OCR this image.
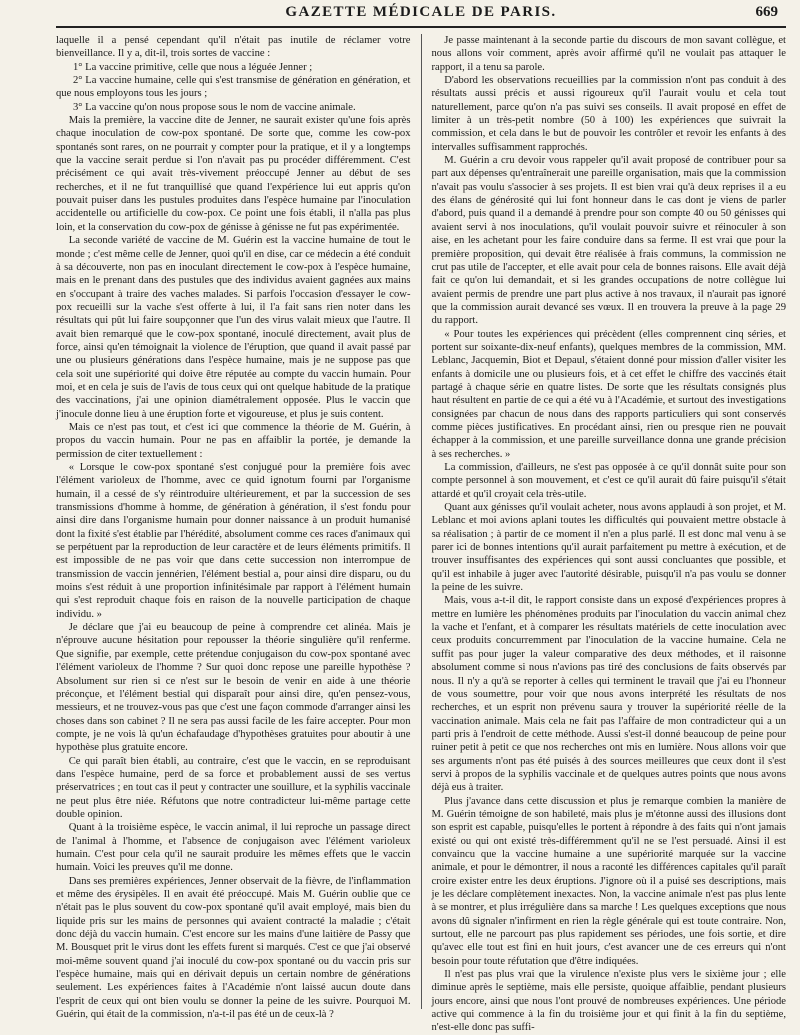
GAZETTE MÉDICALE DE PARIS.	669

laquelle il a pensé cependant qu'il n'était pas inutile de réclamer votre bienveillance. Il y a, dit-il, trois sortes de vaccine :

1° La vaccine primitive, celle que nous a léguée Jenner ;

2° La vaccine humaine, celle qui s'est transmise de génération en génération, et que nous employons tous les jours ;

3° La vaccine qu'on nous propose sous le nom de vaccine animale.

Mais la première, la vaccine dite de Jenner, ne saurait exister qu'une fois après chaque inoculation de cow-pox spontané. De sorte que, comme les cow-pox spontanés sont rares, on ne pourrait y compter pour la pratique, et il y a longtemps que la vaccine serait perdue si l'on n'avait pas pu procéder différemment. C'est précisément ce qui avait très-vivement préoccupé Jenner au début de ses recherches, et il ne fut tranquillisé que quand l'expérience lui eut appris qu'on pouvait puiser dans les pustules produites dans l'espèce humaine par l'inoculation accidentelle ou artificielle du cow-pox. Ce point une fois établi, il n'alla pas plus loin, et la conservation du cow-pox de génisse à génisse ne fut pas expérimentée.

La seconde variété de vaccine de M. Guérin est la vaccine humaine de tout le monde ; c'est même celle de Jenner, quoi qu'il en dise, car ce médecin a été conduit à sa découverte, non pas en inoculant directement le cow-pox à l'espèce humaine, mais en le prenant dans des pustules que des individus avaient gagnées aux mains en s'occupant à traire des vaches malades. Si parfois l'occasion d'essayer le cow-pox recueilli sur la vache s'est offerte à lui, il l'a fait sans rien noter dans les résultats qui pût lui faire soupçonner que l'un des virus valait mieux que l'autre. Il avait bien remarqué que le cow-pox spontané, inoculé directement, avait plus de force, ainsi qu'en témoignait la violence de l'éruption, que quand il avait passé par une ou plusieurs générations dans l'espèce humaine, mais je ne suppose pas que cela soit une supériorité qui doive être réputée au compte du vaccin humain. Pour moi, et en cela je suis de l'avis de tous ceux qui ont quelque habitude de la pratique des vaccinations, j'ai une opinion diamétralement opposée. Plus le vaccin que j'inocule donne lieu à une éruption forte et vigoureuse, et plus je suis content.

Mais ce n'est pas tout, et c'est ici que commence la théorie de M. Guérin, à propos du vaccin humain. Pour ne pas en affaiblir la portée, je demande la permission de citer textuellement :

« Lorsque le cow-pox spontané s'est conjugué pour la première fois avec l'élément varioleux de l'homme, avec ce quid ignotum fourni par l'organisme humain, il a cessé de s'y réintroduire ultérieurement, et par la succession de ses transmissions d'homme à homme, de génération à génération, il s'est fondu pour ainsi dire dans l'organisme humain pour donner naissance à un produit humanisé dont la fixité s'est établie par l'hérédité, absolument comme ces races d'animaux qui se perpétuent par la reproduction de leur caractère et de leurs éléments primitifs. Il est impossible de ne pas voir que dans cette succession non interrompue de transmission de vaccin jennérien, l'élément bestial a, pour ainsi dire disparu, ou du moins s'est réduit à une proportion infinitésimale par rapport à l'élément humain qui s'est reproduit chaque fois en raison de la nouvelle participation de chaque individu. »

Je déclare que j'ai eu beaucoup de peine à comprendre cet alinéa. Mais je n'éprouve aucune hésitation pour repousser la théorie singulière qu'il renferme. Que signifie, par exemple, cette prétendue conjugaison du cow-pox spontané avec l'élément varioleux de l'homme ? Sur quoi donc repose une pareille hypothèse ? Absolument sur rien si ce n'est sur le besoin de venir en aide à une théorie préconçue, et l'élément bestial qui disparaît pour ainsi dire, qu'en pensez-vous, messieurs, et ne trouvez-vous pas que c'est une façon commode d'arranger ainsi les choses dans son cabinet ? Il ne sera pas aussi facile de les faire accepter. Pour mon compte, je ne vois là qu'un échafaudage d'hypothèses gratuites pour aboutir à une hypothèse plus gratuite encore.

Ce qui paraît bien établi, au contraire, c'est que le vaccin, en se reproduisant dans l'espèce humaine, perd de sa force et probablement aussi de ses vertus préservatrices ; en tout cas il peut y contracter une souillure, et la syphilis vaccinale ne peut plus être niée. Réfutons que notre contradicteur lui-même partage cette double opinion.

Quant à la troisième espèce, le vaccin animal, il lui reproche un passage direct de l'animal à l'homme, et l'absence de conjugaison avec l'élément varioleux humain. C'est pour cela qu'il ne saurait produire les mêmes effets que le vaccin humain. Voici les preuves qu'il me donne.

Dans ses premières expériences, Jenner observait de la fièvre, de l'inflammation et même des érysipèles. Il en avait été préoccupé. Mais M. Guérin oublie que ce n'était pas le plus souvent du cow-pox spontané qu'il avait employé, mais bien du liquide pris sur les mains de personnes qui avaient contracté la maladie ; c'était donc déjà du vaccin humain. C'est encore sur les mains d'une laitière de Passy que M. Bousquet prit le virus dont les effets furent si marqués. C'est ce que j'ai observé moi-même souvent quand j'ai inoculé du cow-pox spontané ou du vaccin pris sur l'espèce humaine, mais qui en dérivait depuis un certain nombre de générations seulement. Les expériences faites à l'Académie n'ont laissé aucun doute dans l'esprit de ceux qui ont bien voulu se donner la peine de les suivre. Pourquoi M. Guérin, qui était de la commission, n'a-t-il pas été un de ceux-là ?

Je passe maintenant à la seconde partie du discours de mon savant collègue, et nous allons voir comment, après avoir affirmé qu'il ne voulait pas attaquer le rapport, il a tenu sa parole.

D'abord les observations recueillies par la commission n'ont pas conduit à des résultats aussi précis et aussi rigoureux qu'il l'aurait voulu et cela tout naturellement, parce qu'on n'a pas suivi ses conseils. Il avait proposé en effet de limiter à un très-petit nombre (50 à 100) les expériences que suivrait la commission, et cela dans le but de pouvoir les contrôler et revoir les enfants à des intervalles suffisamment rapprochés.

M. Guérin a cru devoir vous rappeler qu'il avait proposé de contribuer pour sa part aux dépenses qu'entraînerait une pareille organisation, mais que la commission n'avait pas voulu s'associer à ses projets. Il est bien vrai qu'à deux reprises il a eu des élans de générosité qui lui font honneur dans le cas dont je viens de parler d'abord, puis quand il a demandé à prendre pour son compte 40 ou 50 génisses qui avaient servi à nos inoculations, qu'il voulait pouvoir suivre et réinoculer à son aise, en les achetant pour les faire conduire dans sa ferme. Il est vrai que pour la première proposition, qui devait être réalisée à frais communs, la commission ne crut pas utile de l'accepter, et elle avait pour cela de bonnes raisons. Elle avait déjà fait ce qu'on lui demandait, et si les grandes occupations de notre collègue lui avaient permis de prendre une part plus active à nos travaux, il n'aurait pas ignoré que la commission aurait devancé ses vœux. Il en trouvera la preuve à la page 29 du rapport.

« Pour toutes les expériences qui précèdent (elles comprennent cinq séries, et portent sur soixante-dix-neuf enfants), quelques membres de la commission, MM. Leblanc, Jacquemin, Biot et Depaul, s'étaient donné pour mission d'aller visiter les enfants à domicile une ou plusieurs fois, et à cet effet le chiffre des vaccinés était partagé à chaque série en quatre listes. De sorte que les résultats consignés plus haut résultent en partie de ce qui a été vu à l'Académie, et surtout des investigations consignées par chacun de nous dans des rapports particuliers qui sont conservés comme pièces justificatives. En procédant ainsi, rien ou presque rien ne pouvait échapper à la commission, et une pareille surveillance donna une grande précision à ses recherches. »

La commission, d'ailleurs, ne s'est pas opposée à ce qu'il donnât suite pour son compte personnel à son mouvement, et c'est ce qu'il aurait dû faire puisqu'il s'était attardé et qu'il croyait cela très-utile.

Quant aux génisses qu'il voulait acheter, nous avons applaudi à son projet, et M. Leblanc et moi avions aplani toutes les difficultés qui pouvaient mettre obstacle à sa réalisation ; à partir de ce moment il n'en a plus parlé. Il est donc mal venu à se parer ici de bonnes intentions qu'il aurait parfaitement pu mettre à exécution, et de trouver insuffisantes des expériences qui sont aussi concluantes que possible, et qu'il est inhabile à juger avec l'autorité désirable, puisqu'il n'a pas voulu se donner la peine de les suivre.

Mais, vous a-t-il dit, le rapport consiste dans un exposé d'expériences propres à mettre en lumière les phénomènes produits par l'inoculation du vaccin animal chez la vache et l'enfant, et à comparer les résultats matériels de cette inoculation avec ceux produits concurremment par l'inoculation de la vaccine humaine. Cela ne suffit pas pour juger la valeur comparative des deux méthodes, et il raisonne absolument comme si nous n'avions pas tiré des conclusions de faits observés par nous. Il n'y a qu'à se reporter à celles qui terminent le travail que j'ai eu l'honneur de vous soumettre, pour voir que nous avons interprété les résultats de nos recherches, et un esprit non prévenu saura y trouver la supériorité réelle de la vaccination animale. Mais cela ne fait pas l'affaire de mon contradicteur qui a un parti pris à l'endroit de cette méthode. Aussi s'est-il donné beaucoup de peine pour ruiner petit à petit ce que nos recherches ont mis en lumière. Nous allons voir que ses arguments n'ont pas été puisés à des sources meilleures que ceux dont il s'est servi à propos de la syphilis vaccinale et de quelques autres points que nous avons déjà eus à traiter.

Plus j'avance dans cette discussion et plus je remarque combien la manière de M. Guérin témoigne de son habileté, mais plus je m'étonne aussi des illusions dont son esprit est capable, puisqu'elles le portent à répondre à des faits qui n'ont jamais existé ou qui ont existé très-différemment qu'il ne se l'est persuadé. Ainsi il est convaincu que la vaccine humaine a une supériorité marquée sur la vaccine animale, et pour le démontrer, il nous a raconté les différences capitales qu'il paraît croire exister entre les deux éruptions. J'ignore où il a puisé ses descriptions, mais je les déclare complètement inexactes. Non, la vaccine animale n'est pas plus lente à se montrer, et plus irrégulière dans sa marche ! Les quelques exceptions que nous avons dû signaler n'infirment en rien la règle générale qui est toute contraire. Non, surtout, elle ne parcourt pas plus rapidement ses périodes, une fois sortie, et dire qu'avec elle tout est fini en huit jours, c'est avancer une de ces erreurs qui n'ont besoin pour toute réfutation que d'être indiquées.

Il n'est pas plus vrai que la virulence n'existe plus vers le sixième jour ; elle diminue après le septième, mais elle persiste, quoique affaiblie, pendant plusieurs jours encore, ainsi que nous l'ont prouvé de nombreuses expériences. Une période active qui commence à la fin du troisième jour et qui finit à la fin du septième, n'est-elle donc pas suffi-
